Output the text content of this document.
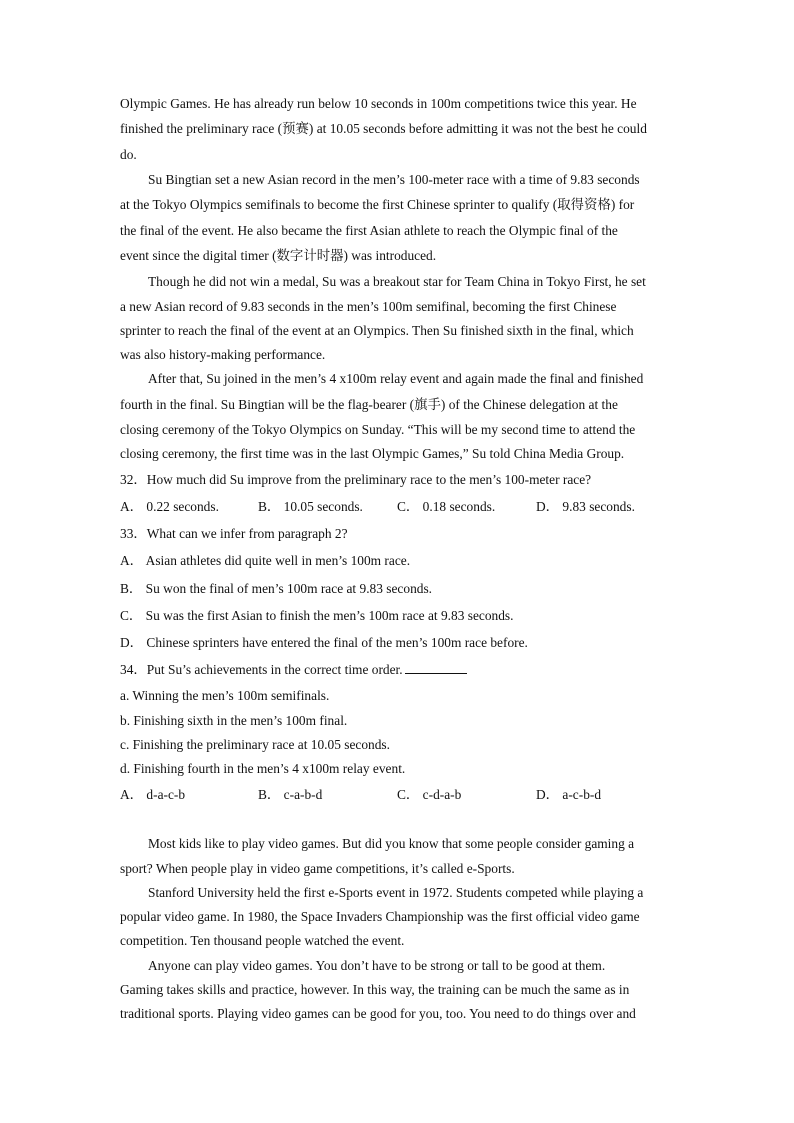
Olympic Games. He has already run below 10 seconds in 100m competitions twice this year. He
finished the preliminary race (预赛) at 10.05 seconds before admitting it was not the best he could
do.
Su Bingtian set a new Asian record in the men’s 100-meter race with a time of 9.83 seconds
at the Tokyo Olympics semifinals to become the first Chinese sprinter to qualify (取得资格) for
the final of the event. He also became the first Asian athlete to reach the Olympic final of the
event since the digital timer (数字计时器) was introduced.
Though he did not win a medal, Su was a breakout star for Team China in Tokyo First, he set
a new Asian record of 9.83 seconds in the men’s 100m semifinal, becoming the first Chinese
sprinter to reach the final of the event at an Olympics. Then Su finished sixth in the final, which
was also history-making performance.
After that, Su joined in the men’s 4 x100m relay event and again made the final and finished
fourth in the final. Su Bingtian will be the flag-bearer (旗手) of the Chinese delegation at the
closing ceremony of the Tokyo Olympics on Sunday. “This will be my second time to attend the
closing ceremony, the first time was in the last Olympic Games,” Su told China Media Group.
32．How much did Su improve from the preliminary race to the men’s 100-meter race?
A． 0.22 seconds.	B． 10.05 seconds.	C． 0.18 seconds.	D． 9.83 seconds.
33．What can we infer from paragraph 2?
A． Asian athletes did quite well in men’s 100m race.
B． Su won the final of men’s 100m race at 9.83 seconds.
C． Su was the first Asian to finish the men’s 100m race at 9.83 seconds.
D． Chinese sprinters have entered the final of the men’s 100m race before.
34．Put Su’s achievements in the correct time order.
a. Winning the men’s 100m semifinals.
b. Finishing sixth in the men’s 100m final.
c. Finishing the preliminary race at 10.05 seconds.
d. Finishing fourth in the men’s 4 x100m relay event.
A． d-a-c-b	B． c-a-b-d	C． c-d-a-b	D． a-c-b-d
Most kids like to play video games. But did you know that some people consider gaming a
sport? When people play in video game competitions, it’s called e-Sports.
Stanford University held the first e-Sports event in 1972. Students competed while playing a
popular video game. In 1980, the Space Invaders Championship was the first official video game
competition. Ten thousand people watched the event.
Anyone can play video games. You don’t have to be strong or tall to be good at them.
Gaming takes skills and practice, however. In this way, the training can be much the same as in
traditional sports. Playing video games can be good for you, too. You need to do things over and
